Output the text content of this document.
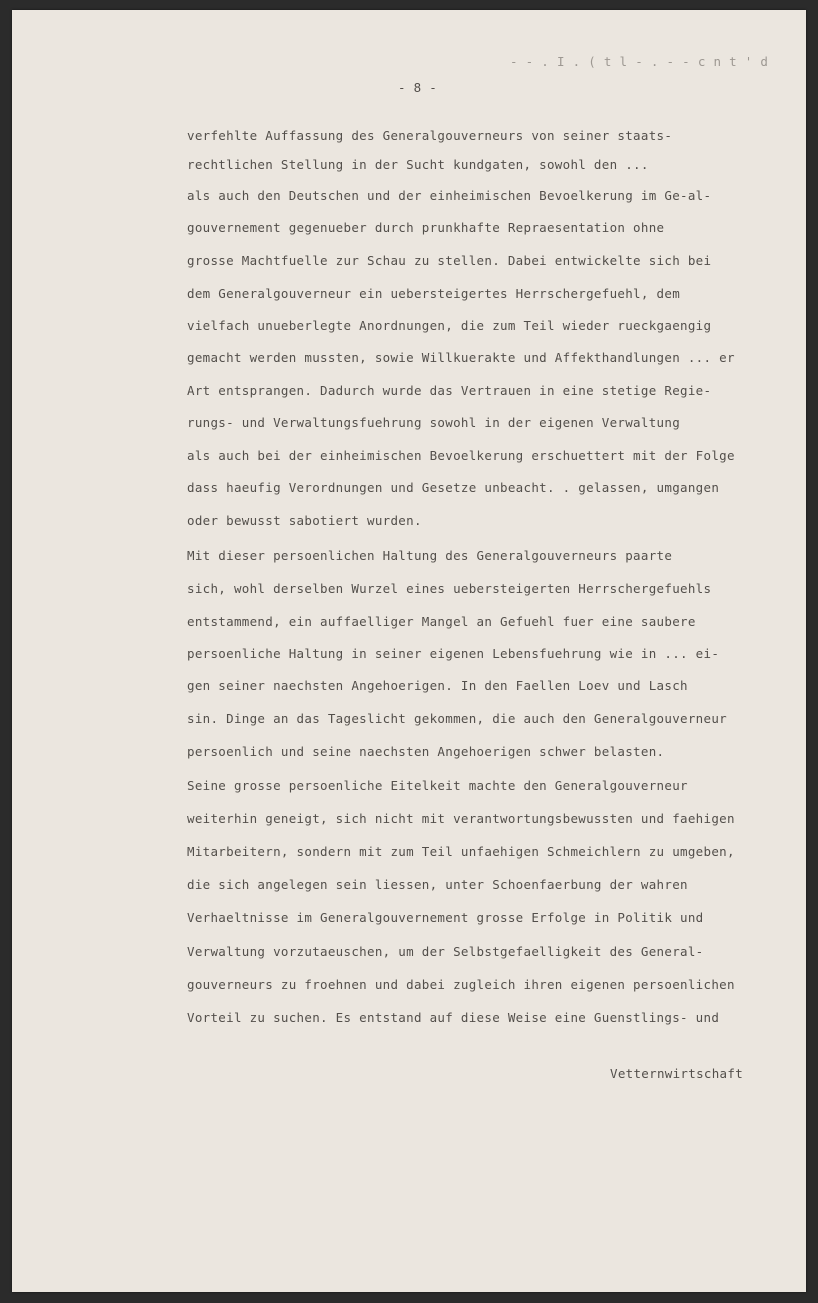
- - . I . ( t l - . - - c n t ' d

- 8 -

verfehlte Auffassung des Generalgouverneurs von seiner staats-

rechtlichen Stellung in der Sucht kundgaten, sowohl den ...

als auch den Deutschen und der einheimischen Bevoelkerung im Ge-al-

gouvernement gegenueber durch prunkhafte Repraesentation ohne

grosse Machtfuelle zur Schau zu stellen. Dabei entwickelte sich bei

dem Generalgouverneur ein uebersteigertes Herrschergefuehl, dem

vielfach unueberlegte Anordnungen, die zum Teil wieder rueckgaengig

gemacht werden mussten, sowie Willkuerakte und Affekthandlungen ... er

Art entsprangen. Dadurch wurde das Vertrauen in eine stetige Regie-

rungs- und Verwaltungsfuehrung sowohl in der eigenen Verwaltung

als auch bei der einheimischen Bevoelkerung erschuettert mit der Folge

dass haeufig Verordnungen und Gesetze unbeacht. . gelassen, umgangen

oder bewusst sabotiert wurden.

Mit dieser persoenlichen Haltung des Generalgouverneurs paarte

sich, wohl derselben Wurzel eines uebersteigerten Herrschergefuehls

entstammend, ein auffaelliger Mangel an Gefuehl fuer eine saubere

persoenliche Haltung in seiner eigenen Lebensfuehrung wie in ... ei-

gen seiner naechsten Angehoerigen. In den Faellen Loev und Lasch

sin. Dinge an das Tageslicht gekommen, die auch den Generalgouverneur

persoenlich und seine naechsten Angehoerigen schwer belasten.

Seine grosse persoenliche Eitelkeit machte den Generalgouverneur

weiterhin geneigt, sich nicht mit verantwortungsbewussten und faehigen

Mitarbeitern, sondern mit zum Teil unfaehigen Schmeichlern zu umgeben,

die sich angelegen sein liessen, unter Schoenfaerbung der wahren

Verhaeltnisse im Generalgouvernement grosse Erfolge in Politik und

Verwaltung vorzutaeuschen, um der Selbstgefaelligkeit des General-

gouverneurs zu froehnen und dabei zugleich ihren eigenen persoenlichen

Vorteil zu suchen. Es entstand auf diese Weise eine Guenstlings- und

Vetternwirtschaft
